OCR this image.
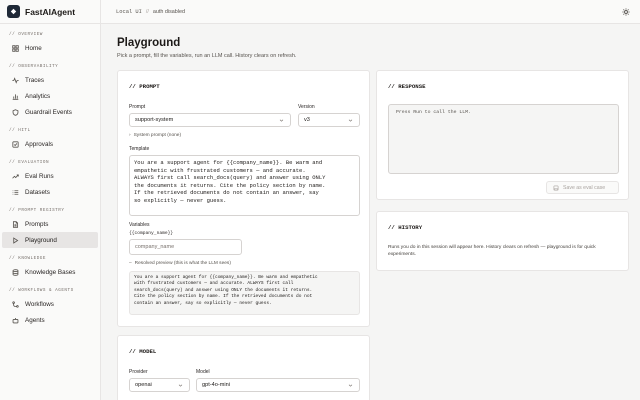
FastAIAgent
// OVERVIEW
Home
// OBSERVABILITY
Traces
Analytics
Guardrail Events
// HITL
Approvals
// EVALUATION
Eval Runs
Datasets
// PROMPT REGISTRY
Prompts
Playground
// KNOWLEDGE
Knowledge Bases
// WORKFLOWS & AGENTS
Workflows
Agents
Local UI // auth disabled
Playground
Pick a prompt, fill the variables, run an LLM call. History clears on refresh.
// PROMPT
Prompt
support-system
Version
v3
› System prompt (none)
Template
You are a support agent for {{company_name}}. Be warm and
empathetic with frustrated customers — and accurate.
ALWAYS first call search_docs(query) and answer using ONLY
the documents it returns. Cite the policy section by name.
If the retrieved documents do not contain an answer, say
so explicitly — never guess.
Variables
{{company_name}}
company_name
– Resolved preview (this is what the LLM sees)
You are a support agent for {{company_name}}. Be warm and empathetic
with frustrated customers — and accurate. ALWAYS first call
search_docs(query) and answer using ONLY the documents it returns.
Cite the policy section by name. If the retrieved documents do not
contain an answer, say so explicitly — never guess.
// MODEL
Provider
openai
Model
gpt-4o-mini
// RESPONSE
Press Run to call the LLM.
Save as eval case
// HISTORY
Runs you do in this session will appear here. History clears on refresh — playground is for quick experiments.
